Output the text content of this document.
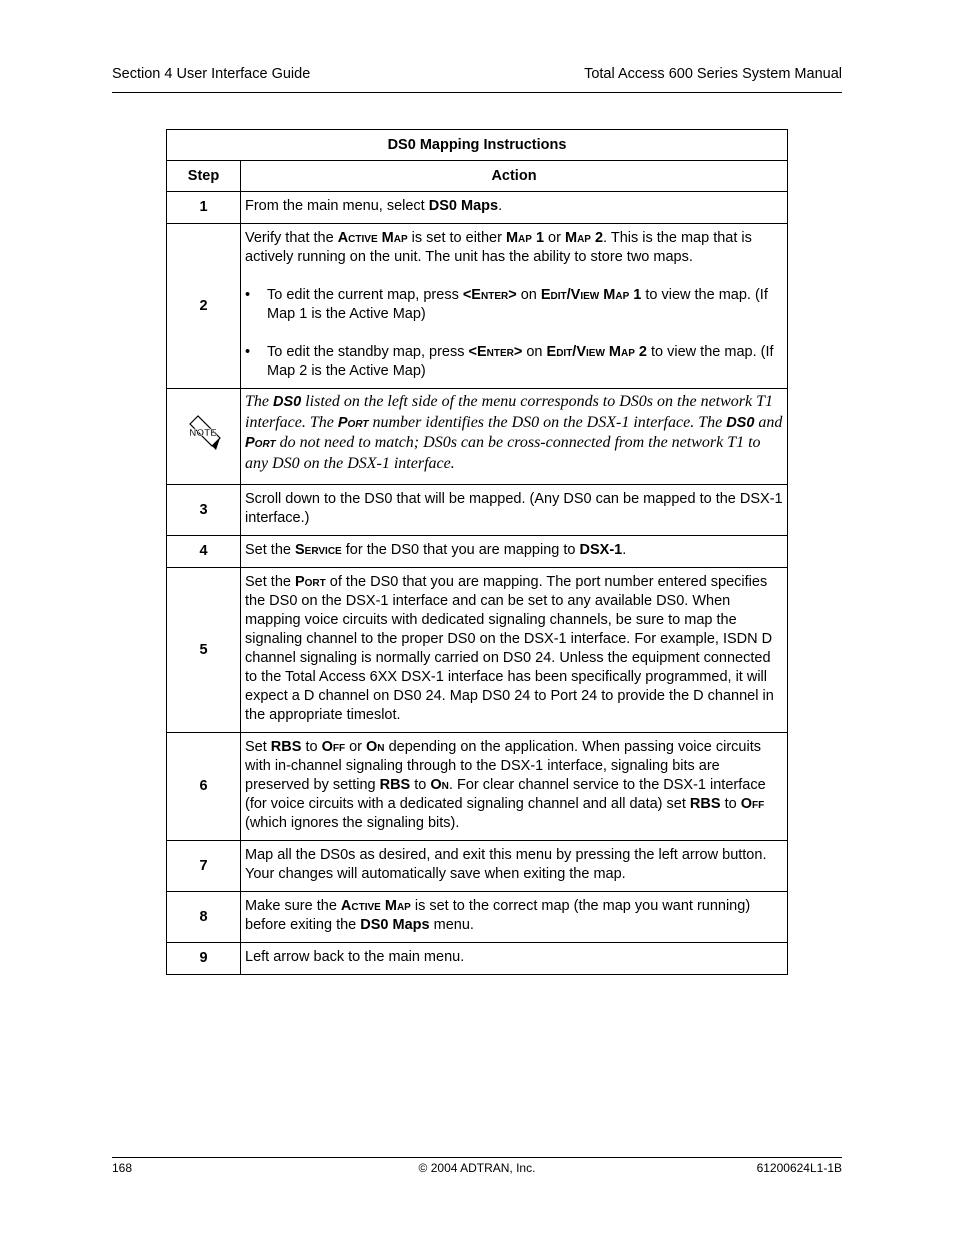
Section 4 User Interface Guide	Total Access 600 Series System Manual
DS0 Mapping Instructions	
Step	Action
1	From the main menu, select DS0 Maps.
2	Verify that the Active Map is set to either Map 1 or Map 2. This is the map that is actively running on the unit. The unit has the ability to store two maps.
• To edit the current map, press <Enter> on Edit/View Map 1 to view the map. (If Map 1 is the Active Map)
• To edit the standby map, press <Enter> on Edit/View Map 2 to view the map. (If Map 2 is the Active Map)

NOTE	The DS0 listed on the left side of the menu corresponds to DS0s on the network T1 interface. The Port number identifies the DS0 on the DSX-1 interface. The DS0 and Port do not need to match; DS0s can be cross-connected from the network T1 to any DS0 on the DSX-1 interface.
3	Scroll down to the DS0 that will be mapped. (Any DS0 can be mapped to the DSX-1 interface.)
4	Set the Service for the DS0 that you are mapping to DSX-1.
5	Set the Port of the DS0 that you are mapping. The port number entered specifies the DS0 on the DSX-1 interface and can be set to any available DS0. When mapping voice circuits with dedicated signaling channels, be sure to map the signaling channel to the proper DS0 on the DSX-1 interface. For example, ISDN D channel signaling is normally carried on DS0 24. Unless the equipment connected to the Total Access 6XX DSX-1 interface has been specifically programmed, it will expect a D channel on DS0 24. Map DS0 24 to Port 24 to provide the D channel in the appropriate timeslot.
6	Set RBS to Off or On depending on the application. When passing voice circuits with in-channel signaling through to the DSX-1 interface, signaling bits are preserved by setting RBS to On. For clear channel service to the DSX-1 interface (for voice circuits with a dedicated signaling channel and all data) set RBS to Off (which ignores the signaling bits).
7	Map all the DS0s as desired, and exit this menu by pressing the left arrow button. Your changes will automatically save when exiting the map.
8	Make sure the Active Map is set to the correct map (the map you want running) before exiting the DS0 Maps menu.
9	Left arrow back to the main menu.
168	© 2004 ADTRAN, Inc.	61200624L1-1B
